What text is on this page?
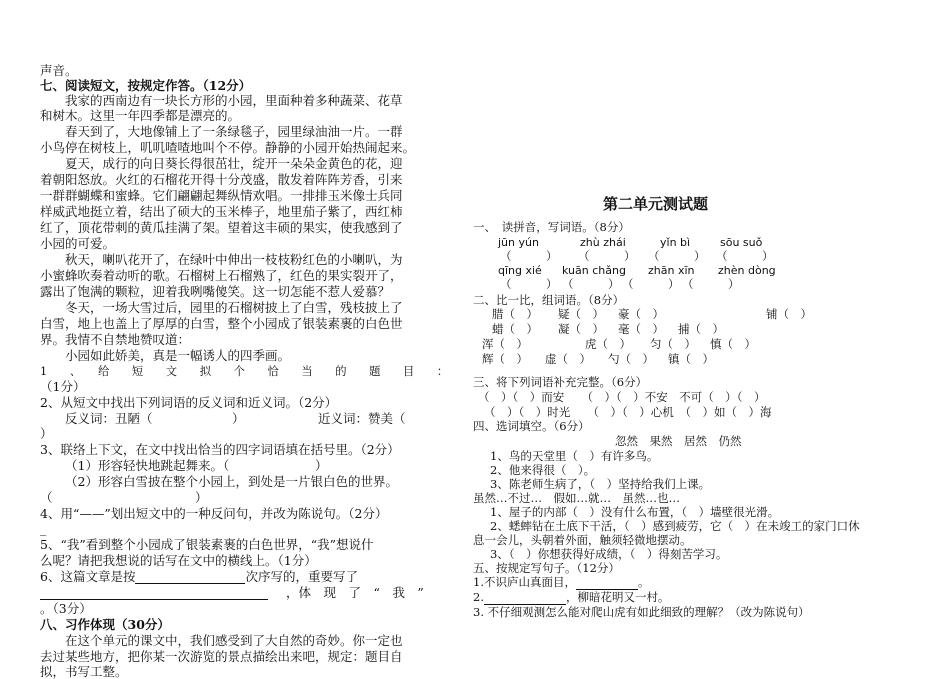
声音。
七、阅读短文，按规定作答。（12分）
我家的西南边有一块长方形的小园，里面种着多种蔬菜、花草
和树木。这里一年四季都是漂亮的。
春天到了，大地像铺上了一条绿毯子，园里绿油油一片。一群
小鸟停在树枝上，叽叽喳喳地叫个不停。静静的小园开始热闹起来。
夏天，成行的向日葵长得很茁壮，绽开一朵朵金黄色的花，迎
着朝阳怒放。火红的石榴花开得十分茂盛，散发着阵阵芳香，引来
一群群蝴蝶和蜜蜂。它们翩翩起舞纵情欢唱。一排排玉米像士兵同
样威武地挺立着，结出了硕大的玉米棒子，地里茄子紫了，西红柿
红了，顶花带刺的黄瓜挂满了架。望着这丰硕的果实，使我感到了
小园的可爱。
秋天，喇叭花开了，在绿叶中伸出一枝枝粉红色的小喇叭，为
小蜜蜂吹奏着动听的歌。石榴树上石榴熟了，红色的果实裂开了，
露出了饱满的颗粒，迎着我咧嘴傻笑。这一切怎能不惹人爱慕？
冬天，一场大雪过后，园里的石榴树披上了白雪，残枝披上了
白雪，地上也盖上了厚厚的白雪，整个小园成了银装素裹的白色世
界。我情不自禁地赞叹道：
小园如此娇美，真是一幅诱人的四季画。
1　　、　　给　　短　　文　　拟　　个　　恰　　当　　的　　题　　目　　：
（1分）
2、从短文中找出下列词语的反义词和近义词。（2分）
反义词：丑陋（	）	近义词：赞美（
）
3、联络上下文，在文中找出恰当的四字词语填在括号里。（2分）
（1）形容轻快地跳起舞来。（	）
（2）形容白雪披在整个小园上，到处是一片银白色的世界。
（	）
4、用“——”划出短文中的一种反问句，并改为陈说句。（2分）
_
5、“我”看到整个小园成了银装素裹的白色世界，“我”想说什
么呢？请把我想说的话写在文中的横线上。（1分）
6、这篇文章是按	次序写的，重要写了
，体　现　了　“　我　”
。（3分）
八、习作体现（30分）
在这个单元的课文中，我们感受到了大自然的奇妙。你一定也
去过某些地方，把你某一次游览的景点描绘出来吧，规定：题目自
拟，书写工整。
第二单元测试题
一、　读拼音，写词语。（8分）
jūn yún	zhù zhái	yǐn bì	sōu suǒ
（　　　） （　　　） （　　　） （　　　）
qīng xié kuān chǎng zhān xīn zhèn dòng
（　　　） （　　　） （　　　） （　　　）
二、比一比，组词语。（8分）
腊（　） 疑（　） 豪（　）	铺（　）
蜡（　） 凝（　） 毫（　） 捕（　）
浑（　）	虎（　） 匀（　） 慎（　）
辉（　） 虚（　） 勺（　） 镇（　）
三、将下列词语补充完整。（6分）
（　）（　）而安　　（　）（　）不安　不可（　）（　）
（　）（　）时光　　（　）（　）心机　（　）如（　）海
四、选词填空。（6分）
忽然　果然　居然　仍然
1、鸟的天堂里（　）有许多鸟。
2、他来得很（　）。
3、陈老师生病了，（　）坚持给我们上课。
虽然…不过…　假如…就…　虽然…也…
1、屋子的内部（　）没有什么布置，（　）墙壁很光滑。
2、蟋蟀钻在土底下干活，（　）感到疲劳，它（　）在未竣工的家门口休
息一会儿，头朝着外面，触须轻微地摆动。
3、（　）你想获得好成绩，（　）得刻苦学习。
五、按规定写句子。（12分）
1.不识庐山真面目，	。
2.	，柳暗花明又一村。
3. 不仔细观测怎么能对爬山虎有如此细致的理解？（改为陈说句）
